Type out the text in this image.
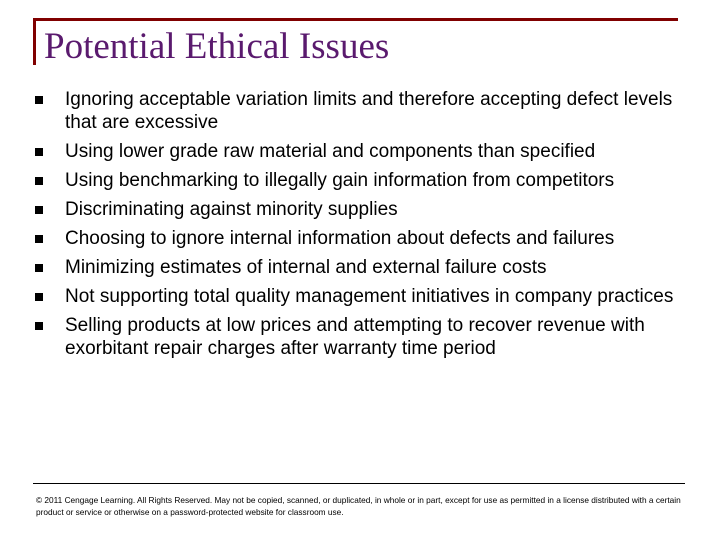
Potential Ethical Issues
Ignoring acceptable variation limits and therefore accepting defect levels that are excessive
Using lower grade raw material and components than specified
Using benchmarking to illegally gain information from competitors
Discriminating against minority supplies
Choosing to ignore internal information about defects and failures
Minimizing estimates of internal and external failure costs
Not supporting total quality management initiatives in company practices
Selling products at low prices and attempting to recover revenue with exorbitant repair charges after warranty time period
© 2011 Cengage Learning. All Rights Reserved. May not be copied, scanned, or duplicated, in whole or in part, except for use as permitted in a license distributed with a certain product or service or otherwise on a password-protected website for classroom use.
